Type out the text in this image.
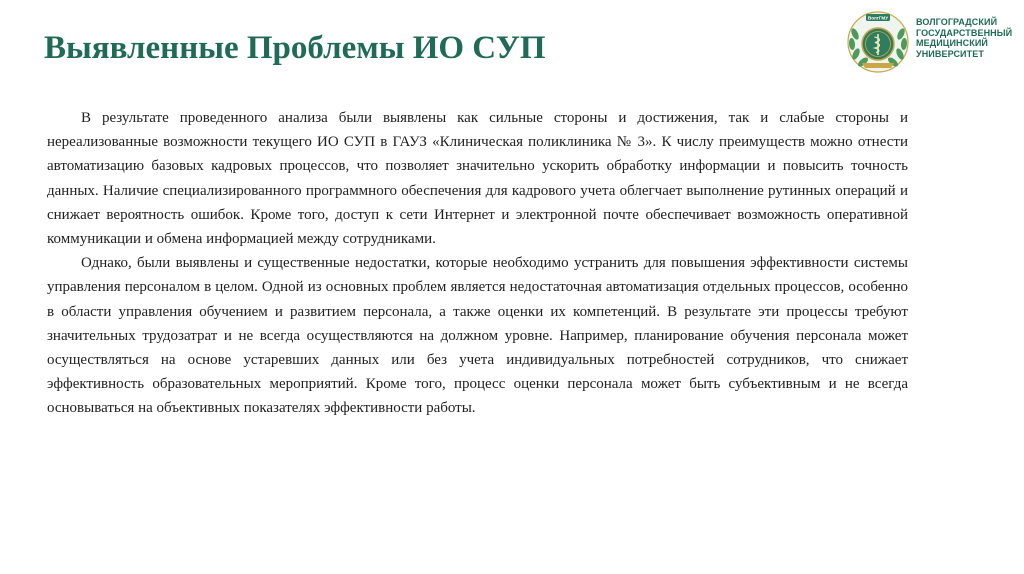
Выявленные Проблемы ИО СУП
ВолгГМУ	ВОЛГОГРАДСКИЙ
ГОСУДАРСТВЕННЫЙ
МЕДИЦИНСКИЙ
УНИВЕРСИТЕТ

В результате проведенного анализа были выявлены как сильные стороны и достижения, так и слабые стороны и нереализованные возможности текущего ИО СУП в ГАУЗ «Клиническая поликлиника № 3». К числу преимуществ можно отнести автоматизацию базовых кадровых процессов, что позволяет значительно ускорить обработку информации и повысить точность данных. Наличие специализированного программного обеспечения для кадрового учета облегчает выполнение рутинных операций и снижает вероятность ошибок. Кроме того, доступ к сети Интернет и электронной почте обеспечивает возможность оперативной коммуникации и обмена информацией между сотрудниками.

Однако, были выявлены и существенные недостатки, которые необходимо устранить для повышения эффективности системы управления персоналом в целом. Одной из основных проблем является недостаточная автоматизация отдельных процессов, особенно в области управления обучением и развитием персонала, а также оценки их компетенций. В результате эти процессы требуют значительных трудозатрат и не всегда осуществляются на должном уровне. Например, планирование обучения персонала может осуществляться на основе устаревших данных или без учета индивидуальных потребностей сотрудников, что снижает эффективность образовательных мероприятий. Кроме того, процесс оценки персонала может быть субъективным и не всегда основываться на объективных показателях эффективности работы.
